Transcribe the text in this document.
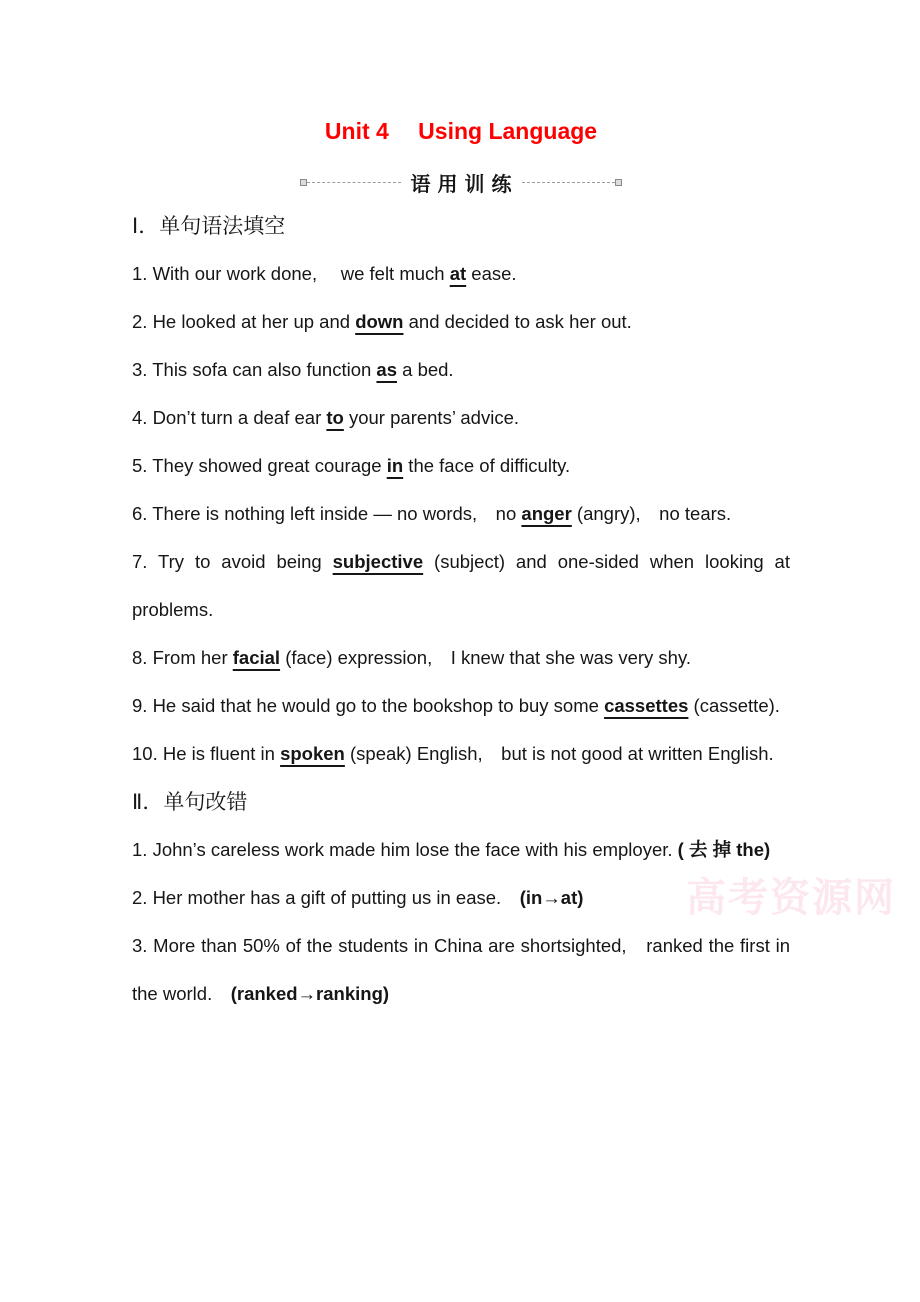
Unit 4　 Using Language
语用训练
Ⅰ．单句语法填空

1. With our work done,　 we felt much at ease.

2. He looked at her up and down and decided to ask her out.

3. This sofa can also function as a bed.

4. Don’t turn a deaf ear to your parents’ advice.

5. They showed great courage in the face of difficulty.

6. There is nothing left inside — no words,　no anger (angry),　no tears.

7. Try to avoid being subjective (subject) and one-sided when looking at problems.

8. From her facial (face) expression,　I knew that she was very shy.

9. He said that he would go to the bookshop to buy some cassettes (cassette).

10. He is fluent in spoken (speak) English,　but is not good at written English.

Ⅱ．单句改错

1. John’s careless work made him lose the face with his employer. ( 去 掉 the)

2. Her mother has a gift of putting us in ease.　(in→at)

3. More than 50% of the students in China are shortsighted,　ranked the first in the world.　(ranked→ranking)

高考资源网
